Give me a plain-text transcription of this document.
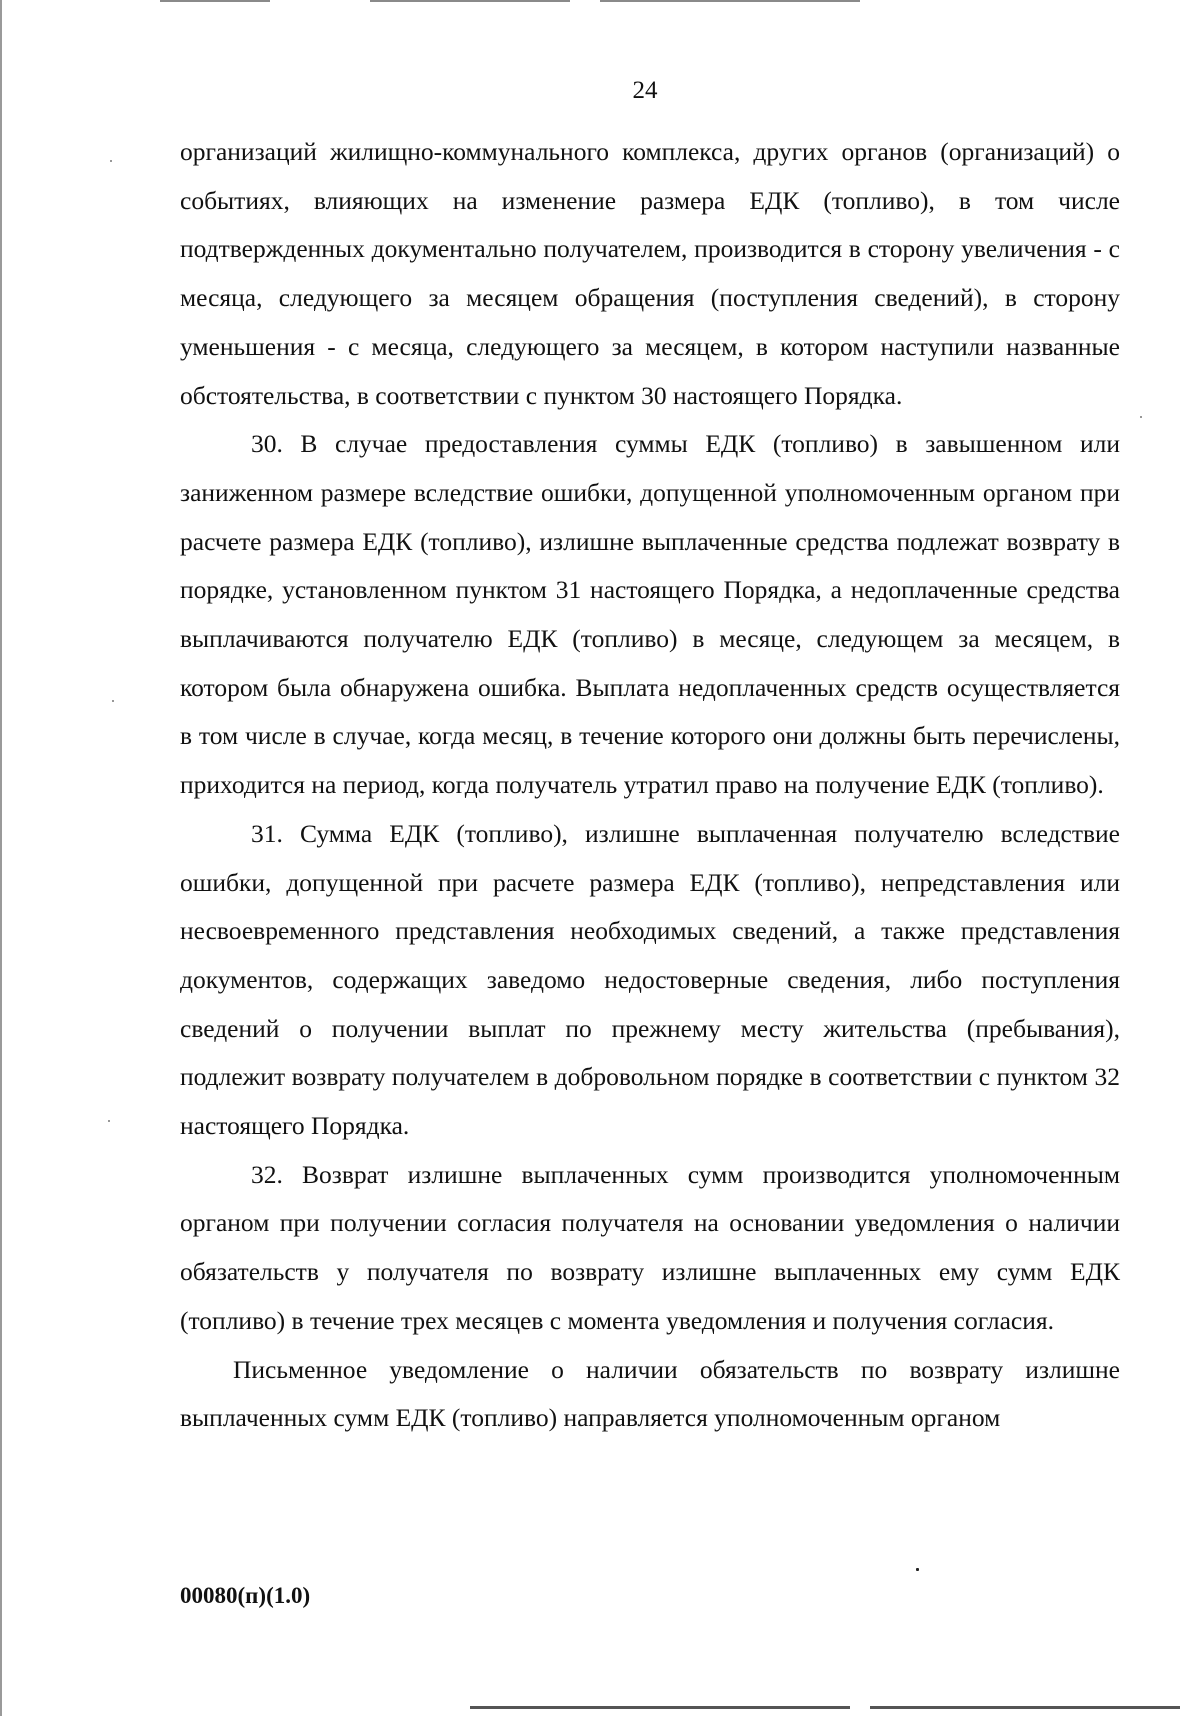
24

организаций жилищно-коммунального комплекса, других органов (организаций) о событиях, влияющих на изменение размера ЕДК (топливо), в том числе подтвержденных документально получателем, производится в сторону увеличения - с месяца, следующего за месяцем обращения (поступления сведений), в сторону уменьшения - с месяца, следующего за месяцем, в котором наступили названные обстоятельства, в соответствии с пунктом 30 настоящего Порядка.

30. В случае предоставления суммы ЕДК (топливо) в завышенном или заниженном размере вследствие ошибки, допущенной уполномоченным органом при расчете размера ЕДК (топливо), излишне выплаченные средства подлежат возврату в порядке, установленном пунктом 31 настоящего Порядка, а недоплаченные средства выплачиваются получателю ЕДК (топливо) в месяце, следующем за месяцем, в котором была обнаружена ошибка. Выплата недоплаченных средств осуществляется в том числе в случае, когда месяц, в течение которого они должны быть перечислены, приходится на период, когда получатель утратил право на получение ЕДК (топливо).

31. Сумма ЕДК (топливо), излишне выплаченная получателю вследствие ошибки, допущенной при расчете размера ЕДК (топливо), непредставления или несвоевременного представления необходимых сведений, а также представления документов, содержащих заведомо недостоверные сведения, либо поступления сведений о получении выплат по прежнему месту жительства (пребывания), подлежит возврату получателем в добровольном порядке в соответствии с пунктом 32 настоящего Порядка.

32. Возврат излишне выплаченных сумм производится уполномоченным органом при получении согласия получателя на основании уведомления о наличии обязательств у получателя по возврату излишне выплаченных ему сумм ЕДК (топливо) в течение трех месяцев с момента уведомления и получения согласия.

Письменное уведомление о наличии обязательств по возврату излишне выплаченных сумм ЕДК (топливо) направляется уполномоченным органом

00080(п)(1.0)
